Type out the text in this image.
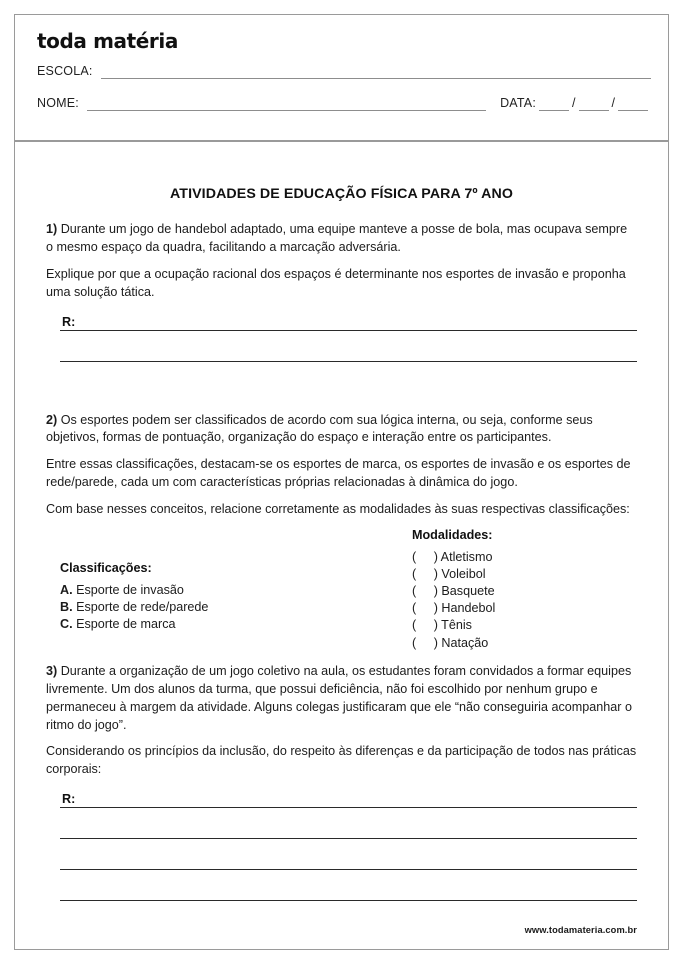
toda matéria
ESCOLA:
NOME:	DATA:	/	/
ATIVIDADES DE EDUCAÇÃO FÍSICA PARA 7º ANO

1) Durante um jogo de handebol adaptado, uma equipe manteve a posse de bola, mas ocupava sempre o mesmo espaço da quadra, facilitando a marcação adversária.

Explique por que a ocupação racional dos espaços é determinante nos esportes de invasão e proponha uma solução tática.

R:

2) Os esportes podem ser classificados de acordo com sua lógica interna, ou seja, conforme seus objetivos, formas de pontuação, organização do espaço e interação entre os participantes.

Entre essas classificações, destacam-se os esportes de marca, os esportes de invasão e os esportes de rede/parede, cada um com características próprias relacionadas à dinâmica do jogo.

Com base nesses conceitos, relacione corretamente as modalidades às suas respectivas classificações:

Classificações:
A. Esporte de invasão
B. Esporte de rede/parede
C. Esporte de marca
Modalidades:
(     ) Atletismo
(     ) Voleibol
(     ) Basquete
(     ) Handebol
(     ) Tênis
(     ) Natação

3) Durante a organização de um jogo coletivo na aula, os estudantes foram convidados a formar equipes livremente. Um dos alunos da turma, que possui deficiência, não foi escolhido por nenhum grupo e permaneceu à margem da atividade. Alguns colegas justificaram que ele “não conseguiria acompanhar o ritmo do jogo”.

Considerando os princípios da inclusão, do respeito às diferenças e da participação de todos nas práticas corporais:

R:
www.todamateria.com.br
